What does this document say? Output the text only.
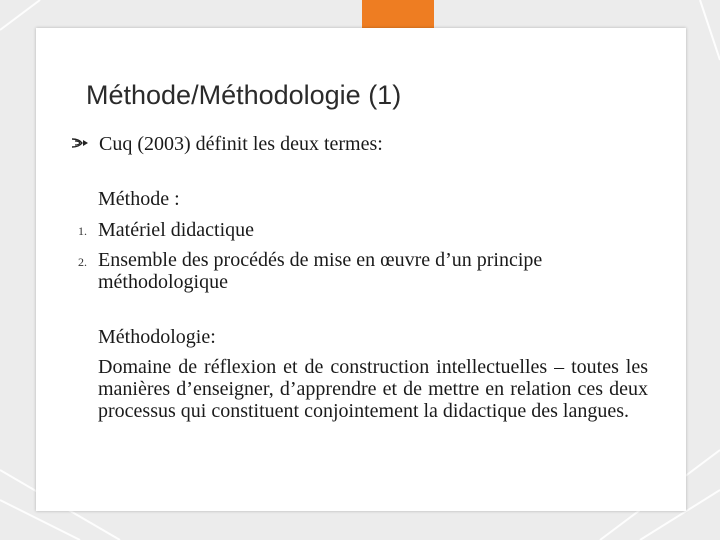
Méthode/Méthodologie (1)
Cuq (2003) définit les deux termes:
Méthode :
1. Matériel didactique
2. Ensemble des procédés de mise en œuvre d’un principe
méthodologique
Méthodologie:
Domaine de réflexion et de construction intellectuelles – toutes les manières d’enseigner, d’apprendre et de mettre en relation ces deux processus qui constituent conjointement la didactique des langues.
